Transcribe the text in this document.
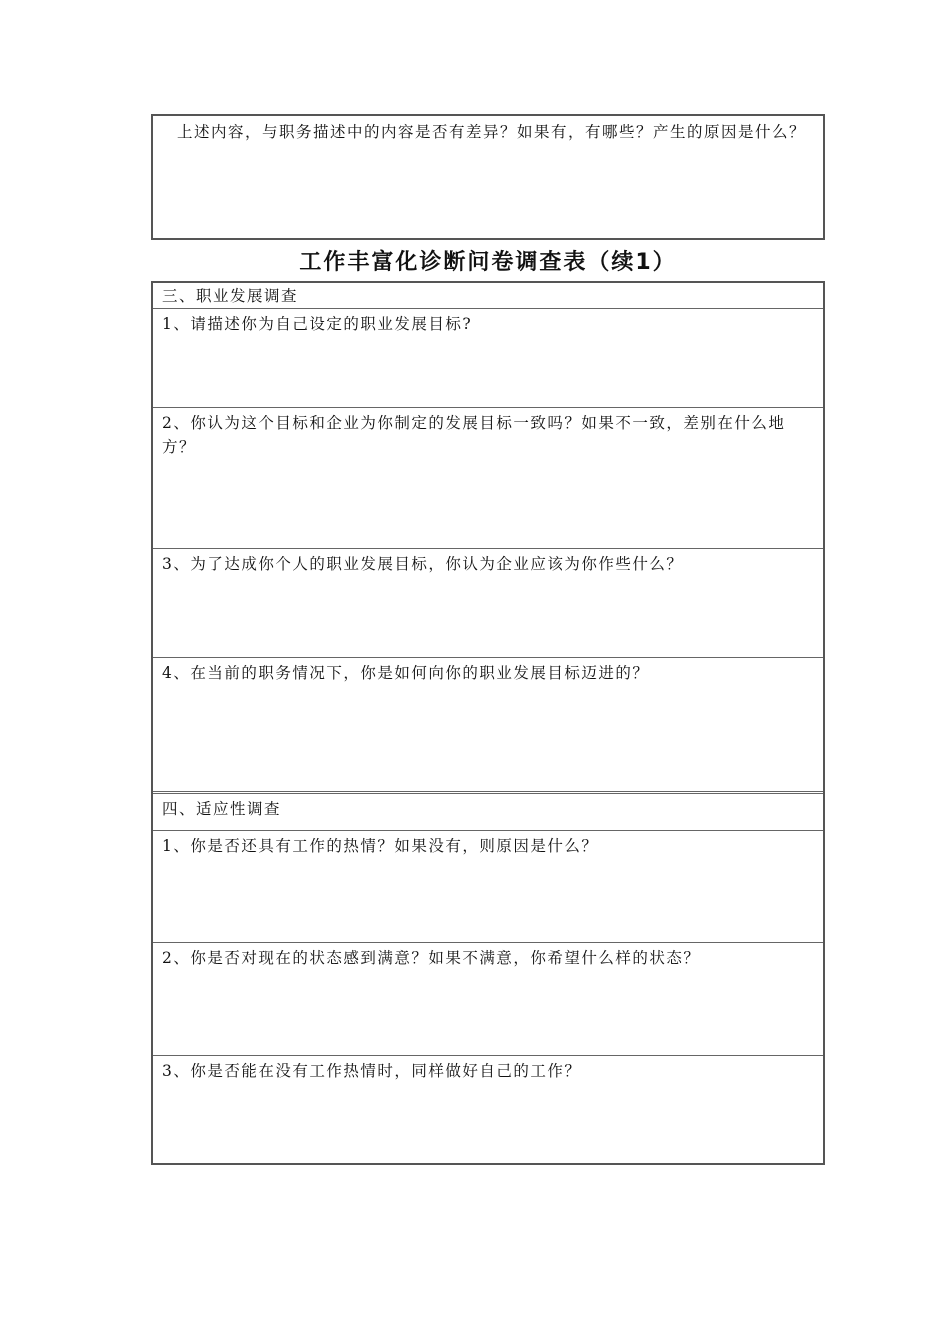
上述内容，与职务描述中的内容是否有差异？如果有，有哪些？产生的原因是什么？
工作丰富化诊断问卷调查表（续1）
三、职业发展调查
1、请描述你为自己设定的职业发展目标?
2、你认为这个目标和企业为你制定的发展目标一致吗？如果不一致，差别在什么地方？
3、为了达成你个人的职业发展目标，你认为企业应该为你作些什么？
4、在当前的职务情况下，你是如何向你的职业发展目标迈进的？
四、适应性调查
1、你是否还具有工作的热情？如果没有，则原因是什么？
2、你是否对现在的状态感到满意？如果不满意，你希望什么样的状态？
3、你是否能在没有工作热情时，同样做好自己的工作？
